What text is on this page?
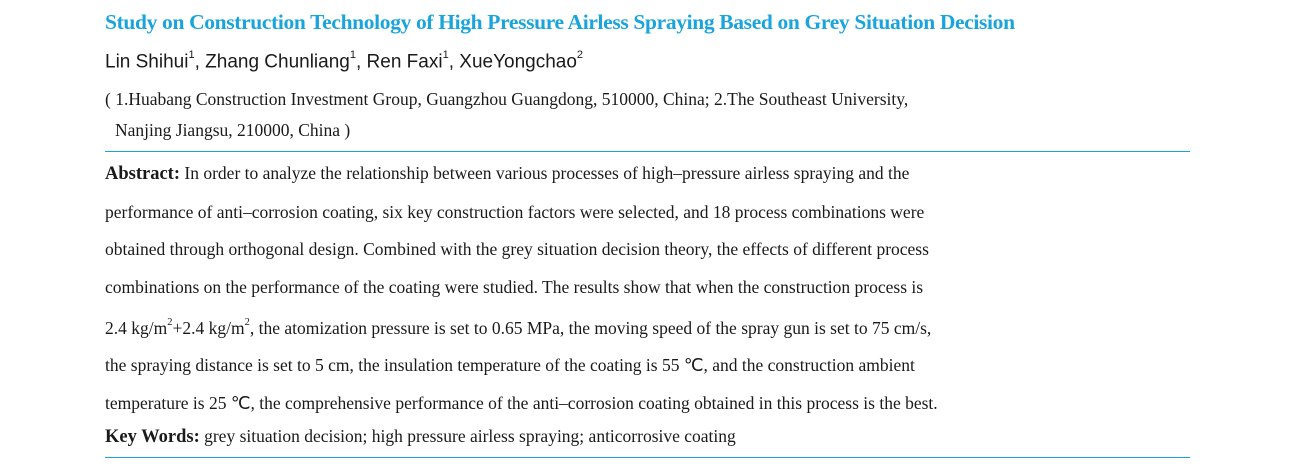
Study on Construction Technology of High Pressure Airless Spraying Based on Grey Situation Decision
Lin Shihui$^1$, Zhang Chunliang$^1$, Ren Faxi$^1$, XueYongchao$^2$
( 1.Huabang Construction Investment Group, Guangzhou Guangdong, 510000, China; 2.The Southeast University,
Nanjing Jiangsu, 210000, China )
Abstract: In order to analyze the relationship between various processes of high–pressure airless spraying and the
performance of anti–corrosion coating, six key construction factors were selected, and 18 process combinations were
obtained through orthogonal design. Combined with the grey situation decision theory, the effects of different process
combinations on the performance of the coating were studied. The results show that when the construction process is
2.4 $kg/m^2+2.4$ $kg/m^2$, the atomization pressure is set to 0.65 MPa, the moving speed of the spray gun is set to 75 cm/s,
the spraying distance is set to 5 cm, the insulation temperature of the coating is 55 ℃, and the construction ambient
temperature is 25 ℃, the comprehensive performance of the anti–corrosion coating obtained in this process is the best.
Key Words: grey situation decision; high pressure airless spraying; anticorrosive coating
